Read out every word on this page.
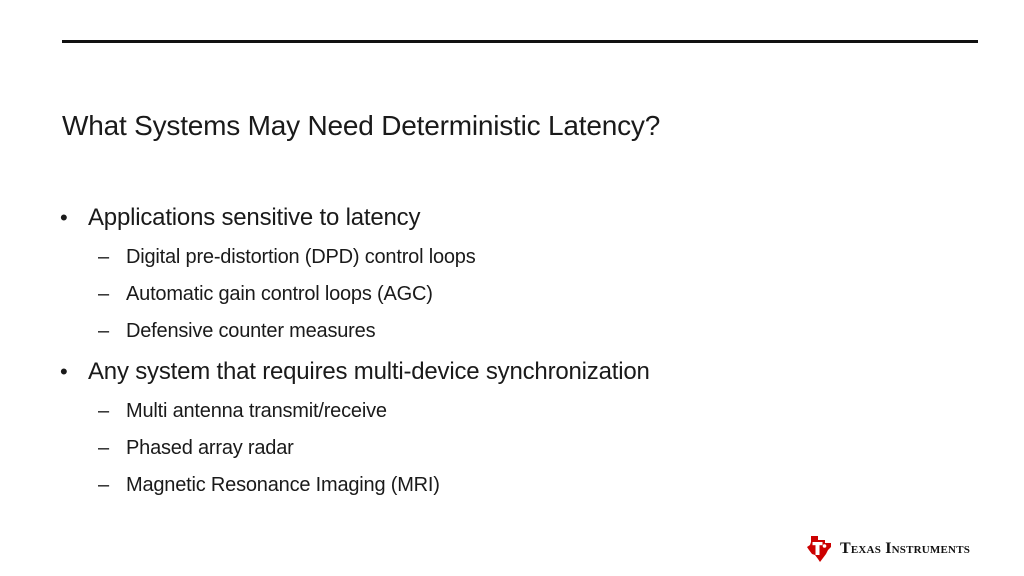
What Systems May Need Deterministic Latency?
• Applications sensitive to latency
– Digital pre-distortion (DPD) control loops
– Automatic gain control loops (AGC)
– Defensive counter measures
• Any system that requires multi-device synchronization
– Multi antenna transmit/receive
– Phased array radar
– Magnetic Resonance Imaging (MRI)
Texas Instruments
